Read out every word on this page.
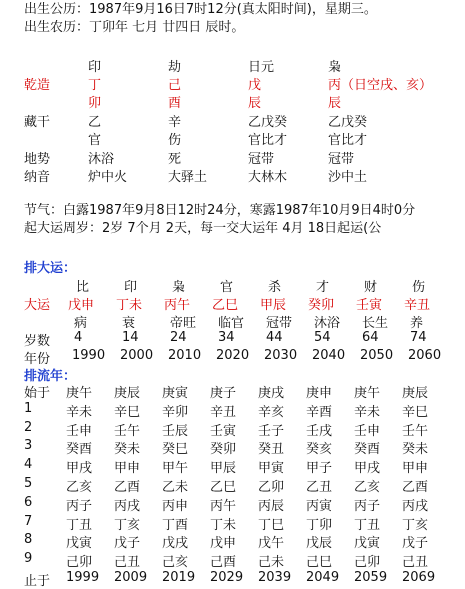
出生公历：1987年9月16日7时12分(真太阳时间)，星期三。
出生农历：丁卯年 七月 廿四日 辰时。
印	劫	日元	枭
乾造	丁	己	戊	丙（日空戌、亥）
卯	酉	辰	辰
藏干	乙	辛	乙戊癸	乙戊癸
官	伤	官比才	官比才
地势	沐浴	死	冠带	冠带
纳音	炉中火	大驿土	大林木	沙中土
节气：白露1987年9月8日12时24分，寒露1987年10月9日4时0分
起大运周岁：2岁 7个月 2天，每一交大运年 4月 18日起运(公
排大运：
比	印	枭	官	杀	才	财	伤
大运 戊申 丁未 丙午 乙巳 甲辰 癸卯 壬寅 辛丑
病	衰	帝旺 临官 冠带 沐浴 长生 养
岁数 4	14 24 34 44 54 64 74
年份 1990 2000 2010 2020 2030 2040 2050 2060
排流年：
始于 庚午 庚辰 庚寅 庚子 庚戌 庚申 庚午 庚辰
1	辛未 辛巳 辛卯 辛丑 辛亥 辛酉 辛未 辛巳
2	壬申 壬午 壬辰 壬寅 壬子 壬戌 壬申 壬午
3	癸酉 癸未 癸巳 癸卯 癸丑 癸亥 癸酉 癸未
4	甲戌 甲申 甲午 甲辰 甲寅 甲子 甲戌 甲申
5	乙亥 乙酉 乙未 乙巳 乙卯 乙丑 乙亥 乙酉
6	丙子 丙戌 丙申 丙午 丙辰 丙寅 丙子 丙戌
7	丁丑 丁亥 丁酉 丁未 丁巳 丁卯 丁丑 丁亥
8	戊寅 戊子 戊戌 戊申 戊午 戊辰 戊寅 戊子
9	己卯 己丑 己亥 己酉 己未 己巳 己卯 己丑
止于 1999 2009 2019 2029 2039 2049 2059 2069
